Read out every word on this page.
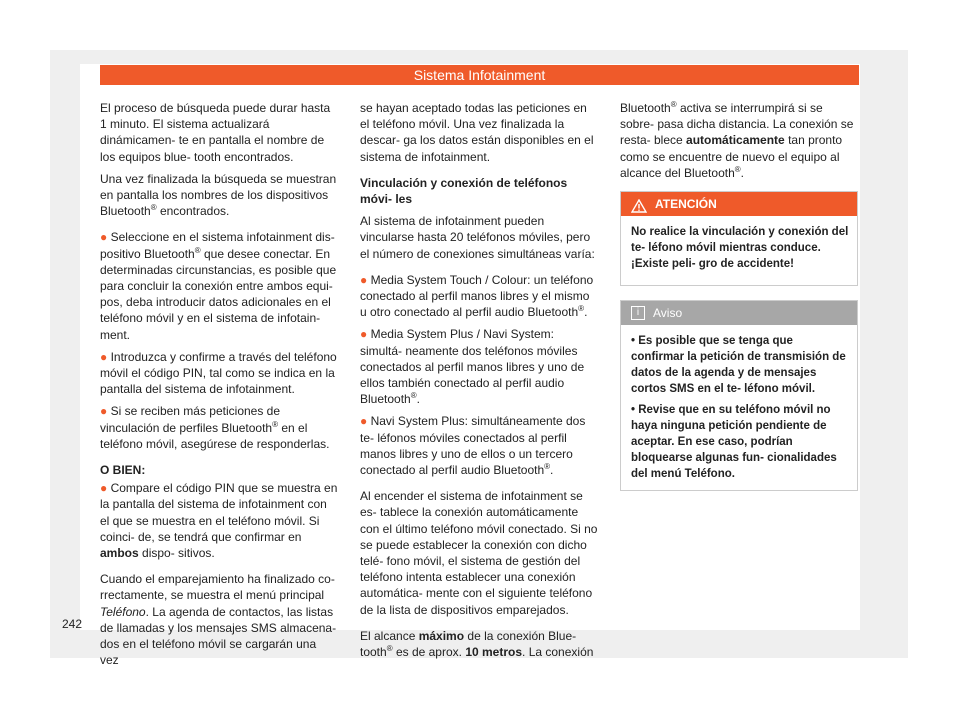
Sistema Infotainment

El proceso de búsqueda puede durar hasta 1 minuto. El sistema actualizará dinámicamen- te en pantalla el nombre de los equipos blue- tooth encontrados.

Una vez finalizada la búsqueda se muestran en pantalla los nombres de los dispositivos Bluetooth® encontrados.

● Seleccione en el sistema infotainment dis- positivo Bluetooth® que desee conectar. En determinadas circunstancias, es posible que para concluir la conexión entre ambos equi- pos, deba introducir datos adicionales en el teléfono móvil y en el sistema de infotain- ment.

● Introduzca y confirme a través del teléfono móvil el código PIN, tal como se indica en la pantalla del sistema de infotainment.

● Si se reciben más peticiones de vinculación de perfiles Bluetooth® en el teléfono móvil, asegúrese de responderlas.

O BIEN:

● Compare el código PIN que se muestra en la pantalla del sistema de infotainment con el que se muestra en el teléfono móvil. Si coinci- de, se tendrá que confirmar en ambos dispo- sitivos.

Cuando el emparejamiento ha finalizado co- rrectamente, se muestra el menú principal Teléfono. La agenda de contactos, las listas de llamadas y los mensajes SMS almacena- dos en el teléfono móvil se cargarán una vez

se hayan aceptado todas las peticiones en el teléfono móvil. Una vez finalizada la descar- ga los datos están disponibles en el sistema de infotainment.

Vinculación y conexión de teléfonos móvi- les

Al sistema de infotainment pueden vincularse hasta 20 teléfonos móviles, pero el número de conexiones simultáneas varía:

● Media System Touch / Colour: un teléfono conectado al perfil manos libres y el mismo u otro conectado al perfil audio Bluetooth®.

● Media System Plus / Navi System: simultá- neamente dos teléfonos móviles conectados al perfil manos libres y uno de ellos también conectado al perfil audio Bluetooth®.

● Navi System Plus: simultáneamente dos te- léfonos móviles conectados al perfil manos libres y uno de ellos o un tercero conectado al perfil audio Bluetooth®.

Al encender el sistema de infotainment se es- tablece la conexión automáticamente con el último teléfono móvil conectado. Si no se puede establecer la conexión con dicho telé- fono móvil, el sistema de gestión del teléfono intenta establecer una conexión automática- mente con el siguiente teléfono de la lista de dispositivos emparejados.

El alcance máximo de la conexión Blue- tooth® es de aprox. 10 metros. La conexión

Bluetooth® activa se interrumpirá si se sobre- pasa dicha distancia. La conexión se resta- blece automáticamente tan pronto como se encuentre de nuevo el equipo al alcance del Bluetooth®.

ATENCIÓN

No realice la vinculación y conexión del te- léfono móvil mientras conduce. ¡Existe peli- gro de accidente!

i	Aviso

• Es posible que se tenga que confirmar la petición de transmisión de datos de la agenda y de mensajes cortos SMS en el te- léfono móvil.

• Revise que en su teléfono móvil no haya ninguna petición pendiente de aceptar. En ese caso, podrían bloquearse algunas fun- cionalidades del menú Teléfono.

242
